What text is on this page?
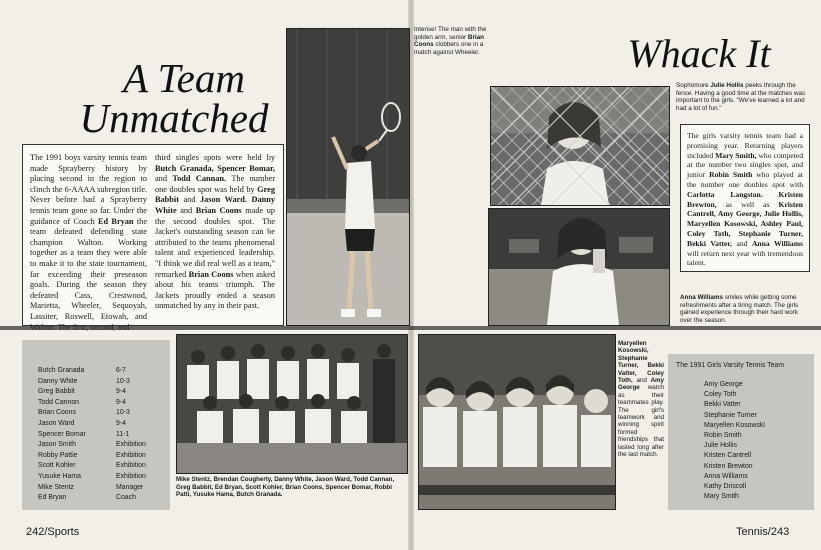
A Team
Unmatched
The 1991 boys varsity tennis team made Sprayberry history by placing second in the region to clinch the 6-AAAA subregion title. Never before had a Sprayberry tennis team gone so far. Under the guidance of Coach Ed Bryan the team defeated defending state champion Walton. Working together as a team they were able to make it to the state tournament, far exceeding their preseason goals. During the season they defeated Cass, Crestwood, Marietta, Wheeler, Sequoyah, Lassiter, Roswell, Etowah, and
third singles spots were held by Butch Granada, Spencer Bomar, and Todd Cannan. The number one doubles spot was held by Greg Babbit and Jason Ward. Danny White and Brian Coons made up the second doubles spot. The Jacket's outstanding season can be attributed to the teams phenomenal talent and experienced leadership. "I think we did real well as a team," remarked Brian Coons when asked about his teams triumph. The Jackets proudly ended a season unmatched by any in their past.
Intense! The man with the golden arm, senior Brian Coons clobbers one in a match against Wheeler.
Butch Granada	6-7
Danny White	10-3
Greg Babbit	9-4
Todd Cannon	9-4
Brian Coons	10-3
Jason Ward	9-4
Spencer Bomar	11-1
Jason Smith	Exhibition
Robby Pattie	Exhibition
Scott Kohler	Exhibition
Yusuke Hama	Exhibition
Mike Stentz	Manager
Ed Bryan	Coach
Mike Stentz, Brendan Cougherty, Danny White, Jason Ward, Todd Cannan, Greg Babbit, Ed Bryan, Scott Kohler, Brian Coons, Spencer Bomar, Robbi Patti, Yusuke Hama, Butch Granada.
242/Sports
Whack It
Sophomore Julie Hollis peeks through the fence. Having a good time at the matches was important to the girls. "We've learned a lot and had a lot of fun."
The girls varsity tennis team had a promising year. Returning players included Mary Smith, who competed at the number two singles spot, and junior Robin Smith who played at the number one doubles spot with Carlotta Langston. Kristen Brewton, as well as Kristen Cantrell, Amy George, Julie Hollis, Maryellen Kosowski, Ashley Paul, Coley Toth, Stephanie Turner, Bekki Vatter, and Anna Williams will return next year with tremendous talent.
Anna Williams smiles while getting some refreshments after a tiring match. The girls gained experience through their hard work over the season.
Maryellen Kosowski, Stephanie Turner, Bekki Vatter, Coley Toth, and Amy George watch as their teammates play. The girl's teamwork and winning spirit formed friendships that lasted long after the last match.
The 1991 Girls Varsity Tennis Team
Amy George
Coley Toth
Bekki Vatter
Stephanie Turner
Maryellen Kosowski
Robin Smith
Julie Hollis
Kristen Cantrell
Kristen Brewton
Anna Williams
Kathy Driscoll
Mary Smith
Tennis/243
